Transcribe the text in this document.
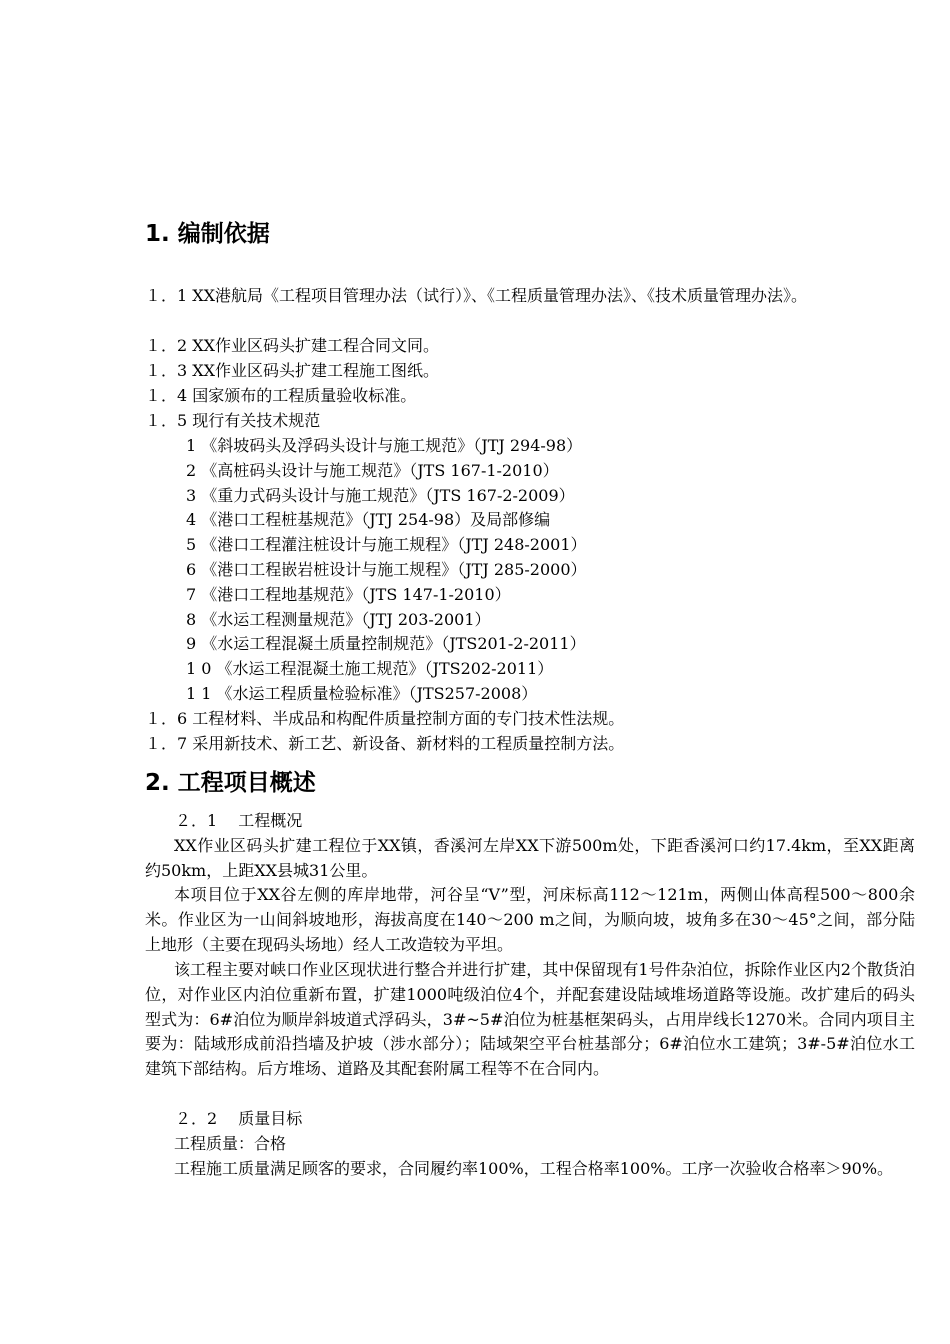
1. 编制依据
１．1 XX港航局《工程项目管理办法（试行）》、《工程质量管理办法》、《技术质量管理办法》。
１．2 XX作业区码头扩建工程合同文同。
１．3 XX作业区码头扩建工程施工图纸。
１．4 国家颁布的工程质量验收标准。
１．5 现行有关技术规范
1 《斜坡码头及浮码头设计与施工规范》（JTJ 294-98）
2 《高桩码头设计与施工规范》（JTS 167-1-2010）
3 《重力式码头设计与施工规范》（JTS 167-2-2009）
4 《港口工程桩基规范》（JTJ 254-98）及局部修编
5 《港口工程灌注桩设计与施工规程》（JTJ 248-2001）
6 《港口工程嵌岩桩设计与施工规程》（JTJ 285-2000）
7 《港口工程地基规范》（JTS 147-1-2010）
8 《水运工程测量规范》（JTJ 203-2001）
9 《水运工程混凝土质量控制规范》（JTS201-2-2011）
1 0 《水运工程混凝土施工规范》（JTS202-2011）
1 1 《水运工程质量检验标准》（JTS257-2008）
１．6 工程材料、半成品和构配件质量控制方面的专门技术性法规。
１．7 采用新技术、新工艺、新设备、新材料的工程质量控制方法。
2. 工程项目概述
２．1　 工程概况
XX作业区码头扩建工程位于XX镇，香溪河左岸XX下游500m处，下距香溪河口约17.4km，至XX距离约50km，上距XX县城31公里。
本项目位于XX谷左侧的库岸地带，河谷呈“V”型，河床标高112～121m，两侧山体高程500～800余米。作业区为一山间斜坡地形，海拔高度在140～200 m之间，为顺向坡，坡角多在30～45°之间，部分陆上地形（主要在现码头场地）经人工改造较为平坦。
该工程主要对峡口作业区现状进行整合并进行扩建，其中保留现有1号件杂泊位，拆除作业区内2个散货泊位，对作业区内泊位重新布置，扩建1000吨级泊位4个，并配套建设陆域堆场道路等设施。改扩建后的码头型式为：6#泊位为顺岸斜坡道式浮码头，3#~5#泊位为桩基框架码头，占用岸线长1270米。合同内项目主要为：陆域形成前沿挡墙及护坡（涉水部分）；陆域架空平台桩基部分；6#泊位水工建筑；3#-5#泊位水工建筑下部结构。后方堆场、道路及其配套附属工程等不在合同内。
２．2　 质量目标
工程质量：合格
工程施工质量满足顾客的要求，合同履约率100%，工程合格率100%。工序一次验收合格率＞90%。
